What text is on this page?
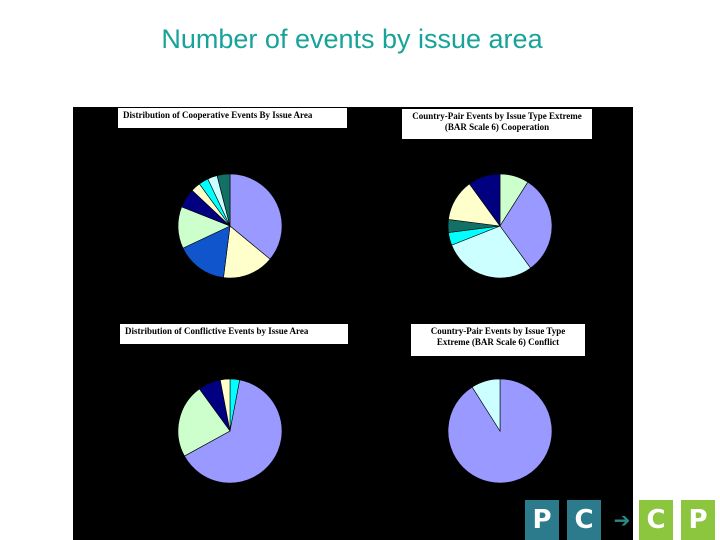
Number of events by issue area
Distribution of Cooperative Events By Issue Area	Country-Pair Events by Issue Type Extreme (BAR Scale 6) Cooperation
Distribution of Conflictive Events by Issue Area	Country-Pair Events by Issue Type Extreme (BAR Scale 6) Conflict
P C	➔ C P
